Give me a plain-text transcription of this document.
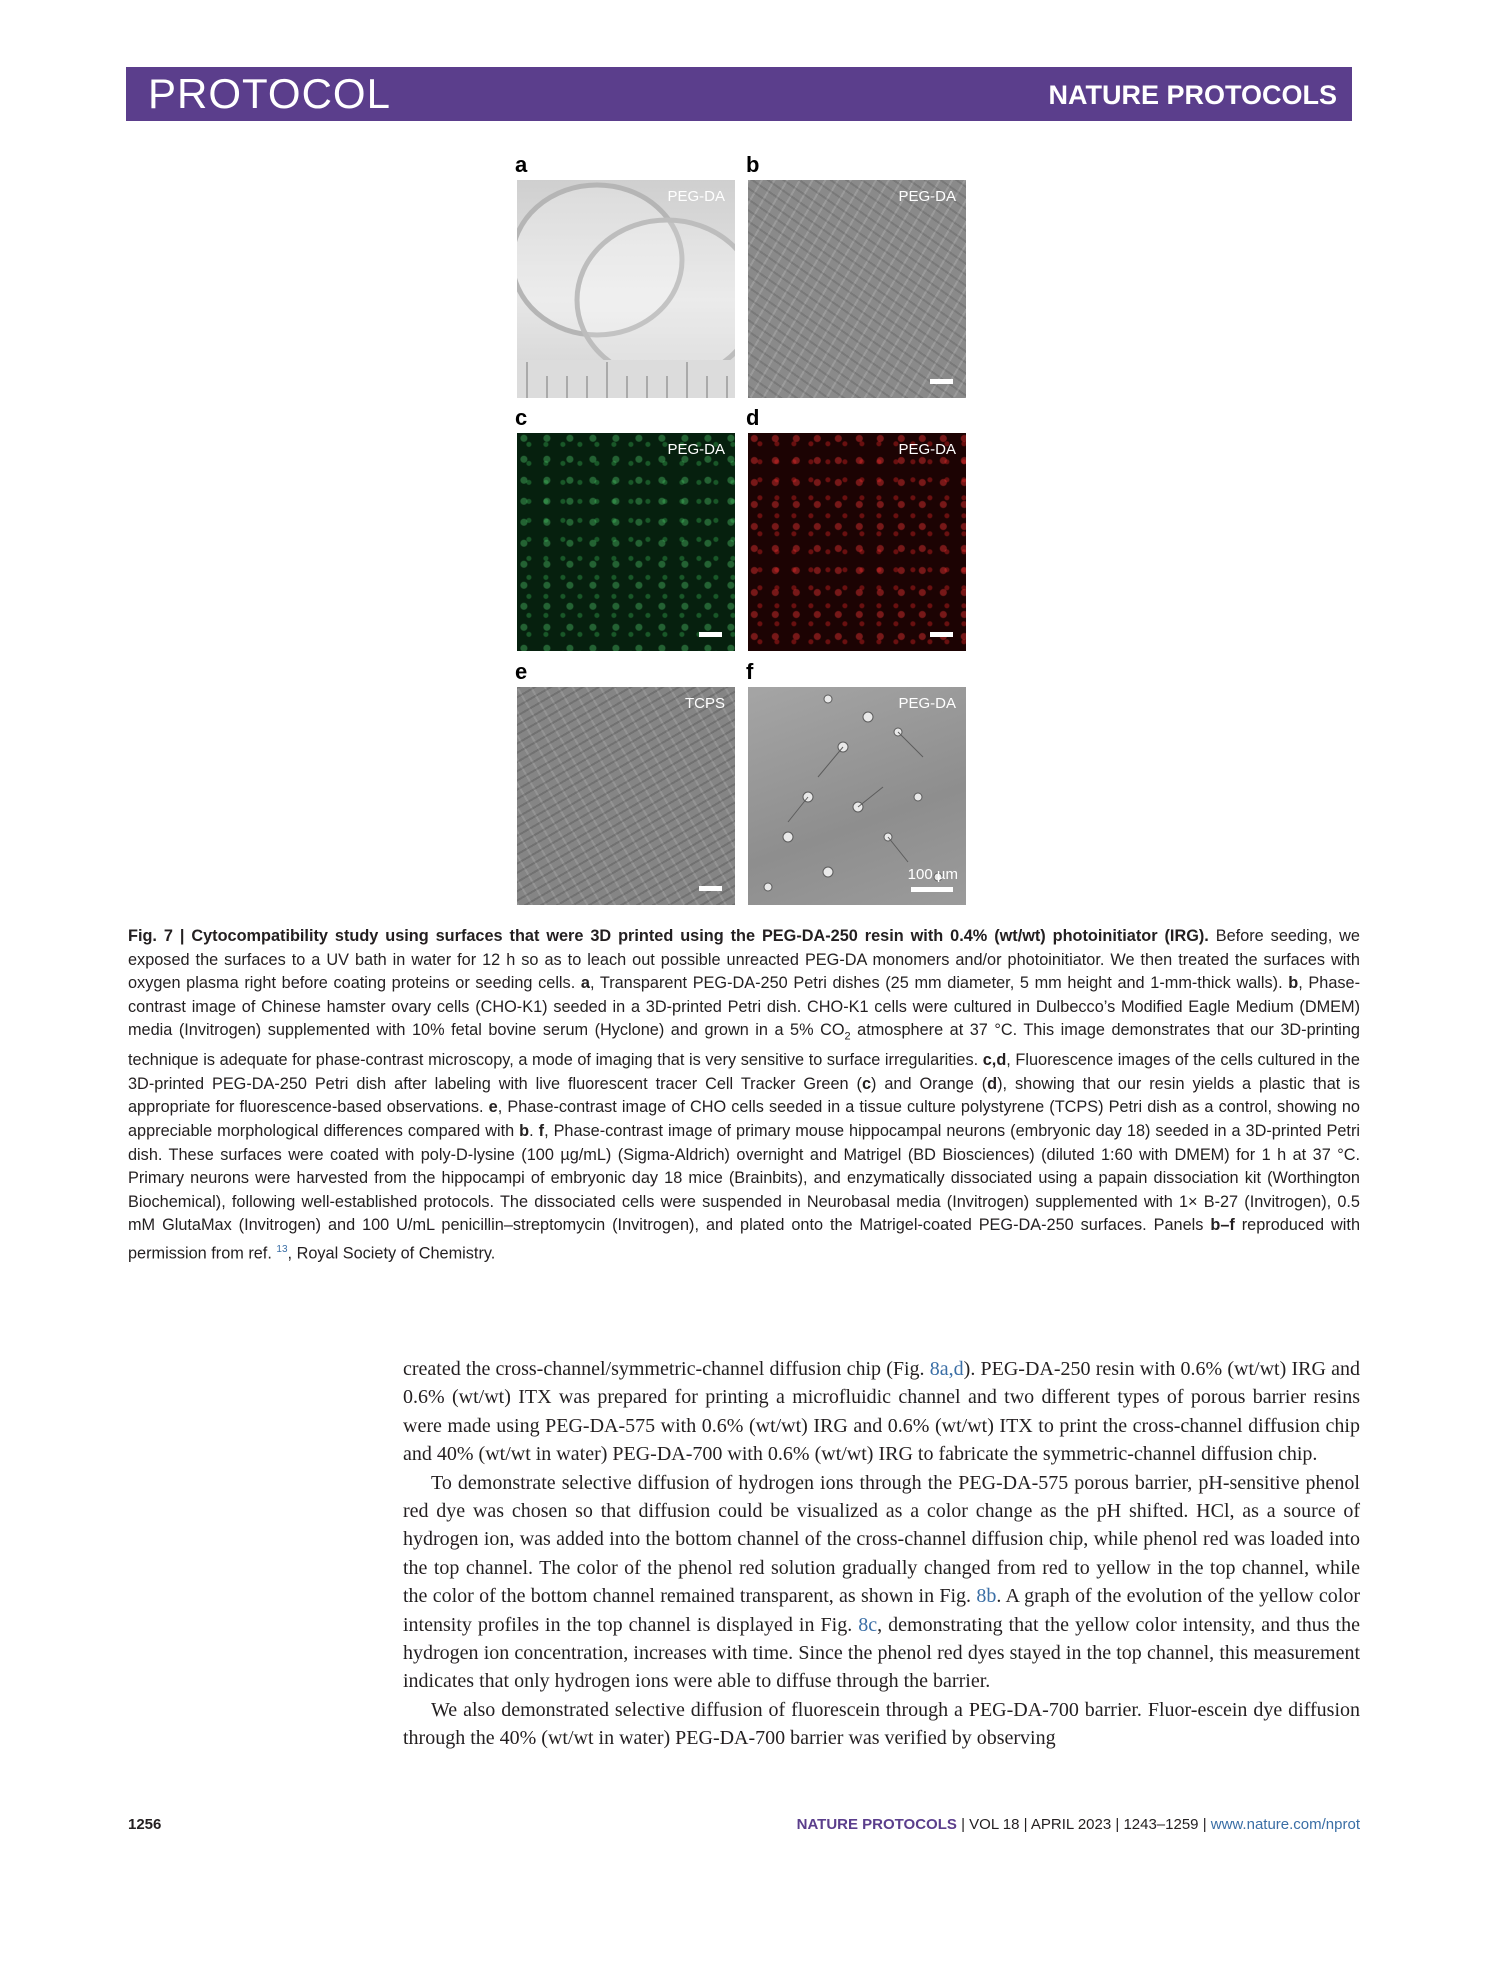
PROTOCOL	NATURE PROTOCOLS
a	b
c	d
e	f
PEG-DA	PEG-DA
PEG-DA	PEG-DA
TCPS	PEG-DA
100 µm
Fig. 7 | Cytocompatibility study using surfaces that were 3D printed using the PEG-DA-250 resin with 0.4% (wt/wt) photoinitiator (IRG). Before seeding, we exposed the surfaces to a UV bath in water for 12 h so as to leach out possible unreacted PEG-DA monomers and/or photoinitiator. We then treated the surfaces with oxygen plasma right before coating proteins or seeding cells. a, Transparent PEG-DA-250 Petri dishes (25 mm diameter, 5 mm height and 1-mm-thick walls). b, Phase-contrast image of Chinese hamster ovary cells (CHO-K1) seeded in a 3D-printed Petri dish. CHO-K1 cells were cultured in Dulbecco’s Modified Eagle Medium (DMEM) media (Invitrogen) supplemented with 10% fetal bovine serum (Hyclone) and grown in a 5% $CO_2$ atmosphere at 37 °C. This image demonstrates that our 3D-printing technique is adequate for phase-contrast microscopy, a mode of imaging that is very sensitive to surface irregularities. c,d, Fluorescence images of the cells cultured in the 3D-printed PEG-DA-250 Petri dish after labeling with live fluorescent tracer Cell Tracker Green (c) and Orange (d), showing that our resin yields a plastic that is appropriate for fluorescence-based observations. e, Phase-contrast image of CHO cells seeded in a tissue culture polystyrene (TCPS) Petri dish as a control, showing no appreciable morphological differences compared with b. f, Phase-contrast image of primary mouse hippocampal neurons (embryonic day 18) seeded in a 3D-printed Petri dish. These surfaces were coated with poly-D-lysine (100 µg/mL) (Sigma-Aldrich) overnight and Matrigel (BD Biosciences) (diluted 1:60 with DMEM) for 1 h at 37 °C. Primary neurons were harvested from the hippocampi of embryonic day 18 mice (Brainbits), and enzymatically dissociated using a papain dissociation kit (Worthington Biochemical), following well-established protocols. The dissociated cells were suspended in Neurobasal media (Invitrogen) supplemented with 1× B-27 (Invitrogen), 0.5 mM GlutaMax (Invitrogen) and 100 U/mL penicillin–streptomycin (Invitrogen), and plated onto the Matrigel-coated PEG-DA-250 surfaces. Panels b–f reproduced with permission from ref. $^{13}$, Royal Society of Chemistry.

created the cross-channel/symmetric-channel diffusion chip (Fig. 8a,d). PEG-DA-250 resin with 0.6% (wt/wt) IRG and 0.6% (wt/wt) ITX was prepared for printing a microfluidic channel and two different types of porous barrier resins were made using PEG-DA-575 with 0.6% (wt/wt) IRG and 0.6% (wt/wt) ITX to print the cross-channel diffusion chip and 40% (wt/wt in water) PEG-DA-700 with 0.6% (wt/wt) IRG to fabricate the symmetric-channel diffusion chip.

To demonstrate selective diffusion of hydrogen ions through the PEG-DA-575 porous barrier, pH-sensitive phenol red dye was chosen so that diffusion could be visualized as a color change as the pH shifted. HCl, as a source of hydrogen ion, was added into the bottom channel of the cross-channel diffusion chip, while phenol red was loaded into the top channel. The color of the phenol red solution gradually changed from red to yellow in the top channel, while the color of the bottom channel remained transparent, as shown in Fig. 8b. A graph of the evolution of the yellow color intensity profiles in the top channel is displayed in Fig. 8c, demonstrating that the yellow color intensity, and thus the hydrogen ion concentration, increases with time. Since the phenol red dyes stayed in the top channel, this measurement indicates that only hydrogen ions were able to diffuse through the barrier.

We also demonstrated selective diffusion of fluorescein through a PEG-DA-700 barrier. Fluor-escein dye diffusion through the 40% (wt/wt in water) PEG-DA-700 barrier was verified by observing

1256	NATURE PROTOCOLS | VOL 18 | APRIL 2023 | 1243–1259 | www.nature.com/nprot
